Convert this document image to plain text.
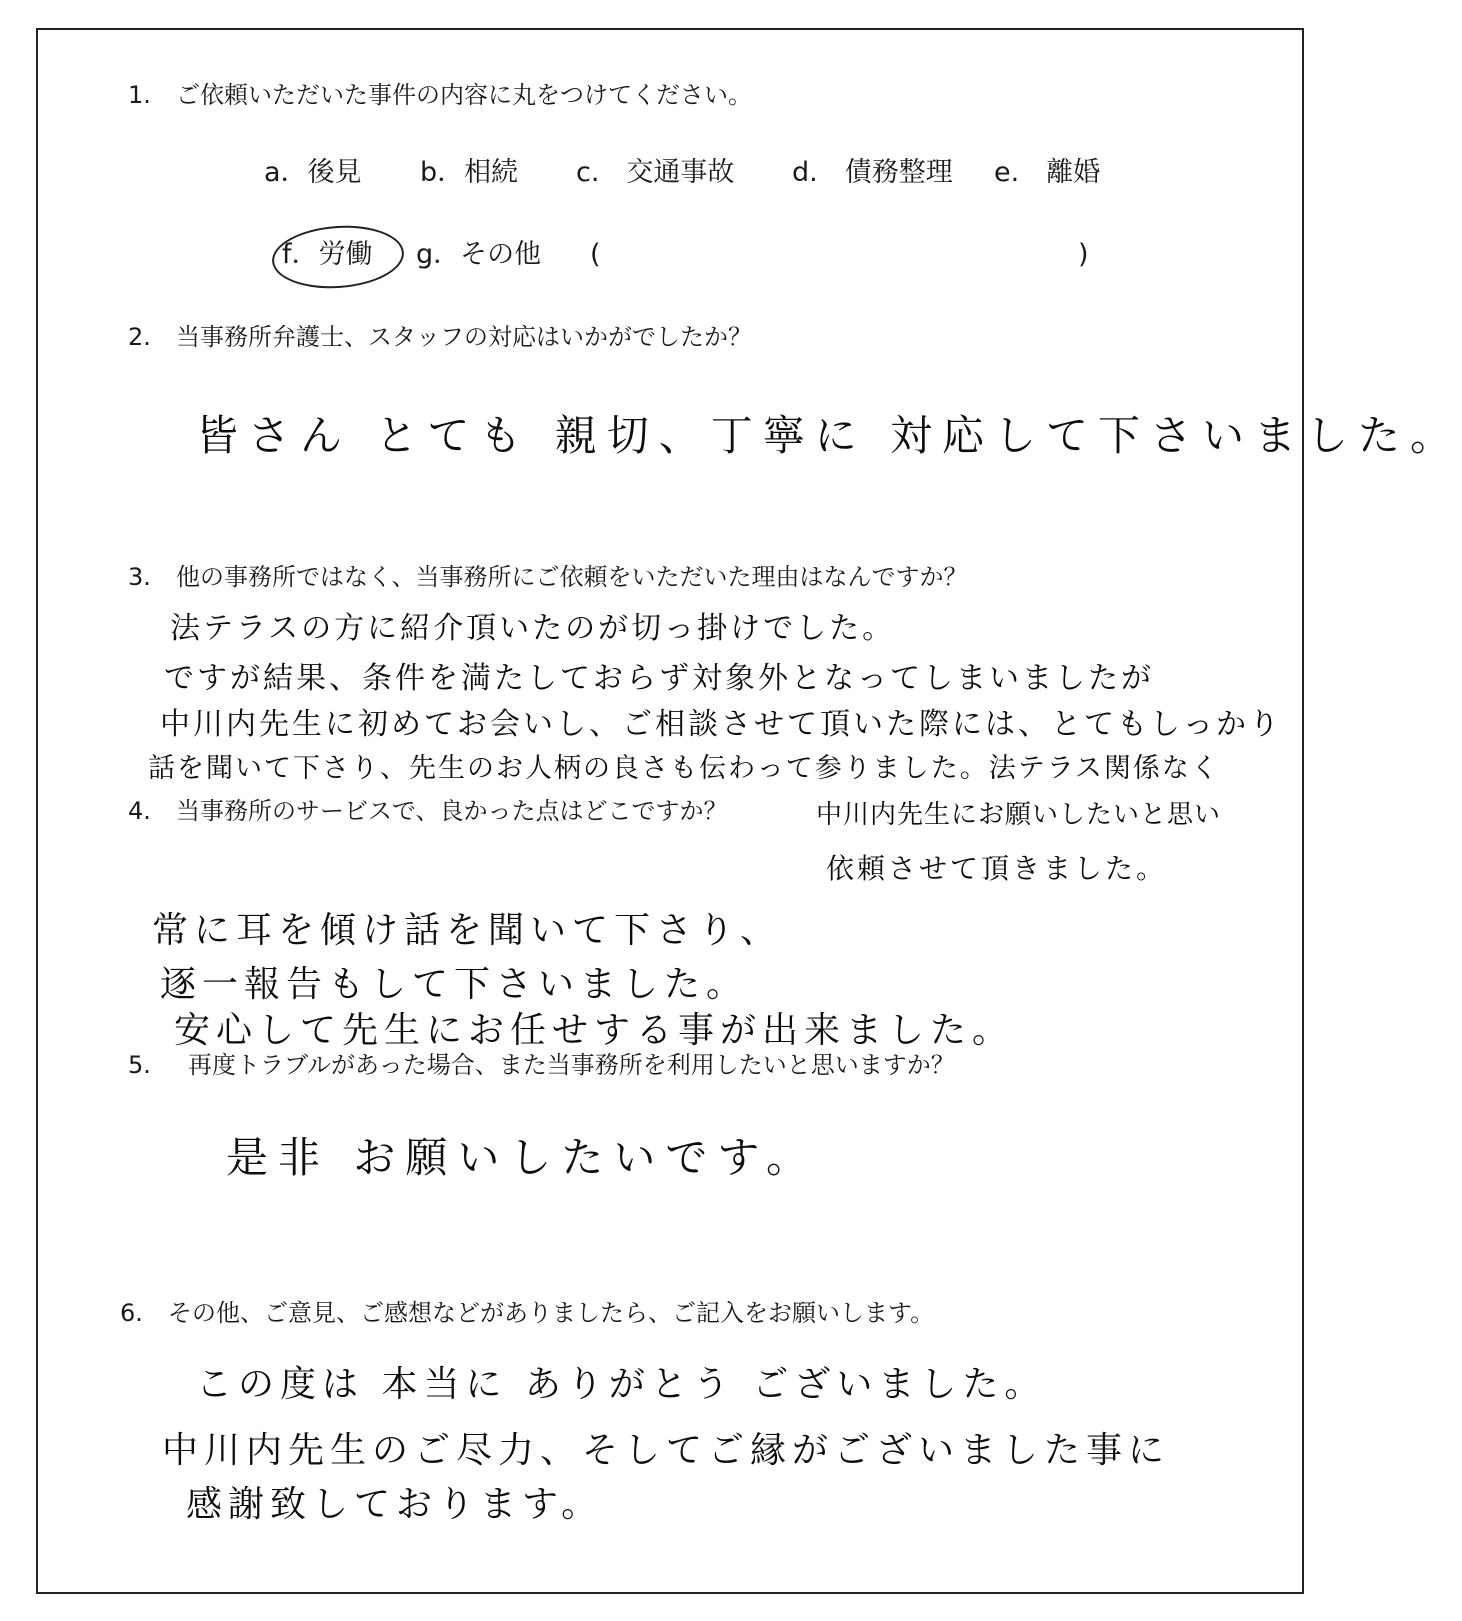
1. ご依頼いただいた事件の内容に丸をつけてください。
a．後見 b．相続 c.　交通事故 d.　債務整理 e.　離婚
f．労働 g．その他 (	)
2. 当事務所弁護士、スタッフの対応はいかがでしたか？
皆さん とても 親切、丁寧に 対応して下さいました。
3. 他の事務所ではなく、当事務所にご依頼をいただいた理由はなんですか？
法テラスの方に紹介頂いたのが切っ掛けでした。
ですが結果、条件を満たしておらず対象外となってしまいましたが
中川内先生に初めてお会いし、ご相談させて頂いた際には、とてもしっかり
話を聞いて下さり、先生のお人柄の良さも伝わって参りました。法テラス関係なく
4. 当事務所のサービスで、良かった点はどこですか？	中川内先生にお願いしたいと思い
依頼させて頂きました。
常に耳を傾け話を聞いて下さり、
逐一報告もして下さいました。
安心して先生にお任せする事が出来ました。
5. 再度トラブルがあった場合、また当事務所を利用したいと思いますか？
是非 お願いしたいです。
6. その他、ご意見、ご感想などがありましたら、ご記入をお願いします。
この度は 本当に ありがとう ございました。
中川内先生のご尽力、そしてご縁がございました事に
感謝致しております。
